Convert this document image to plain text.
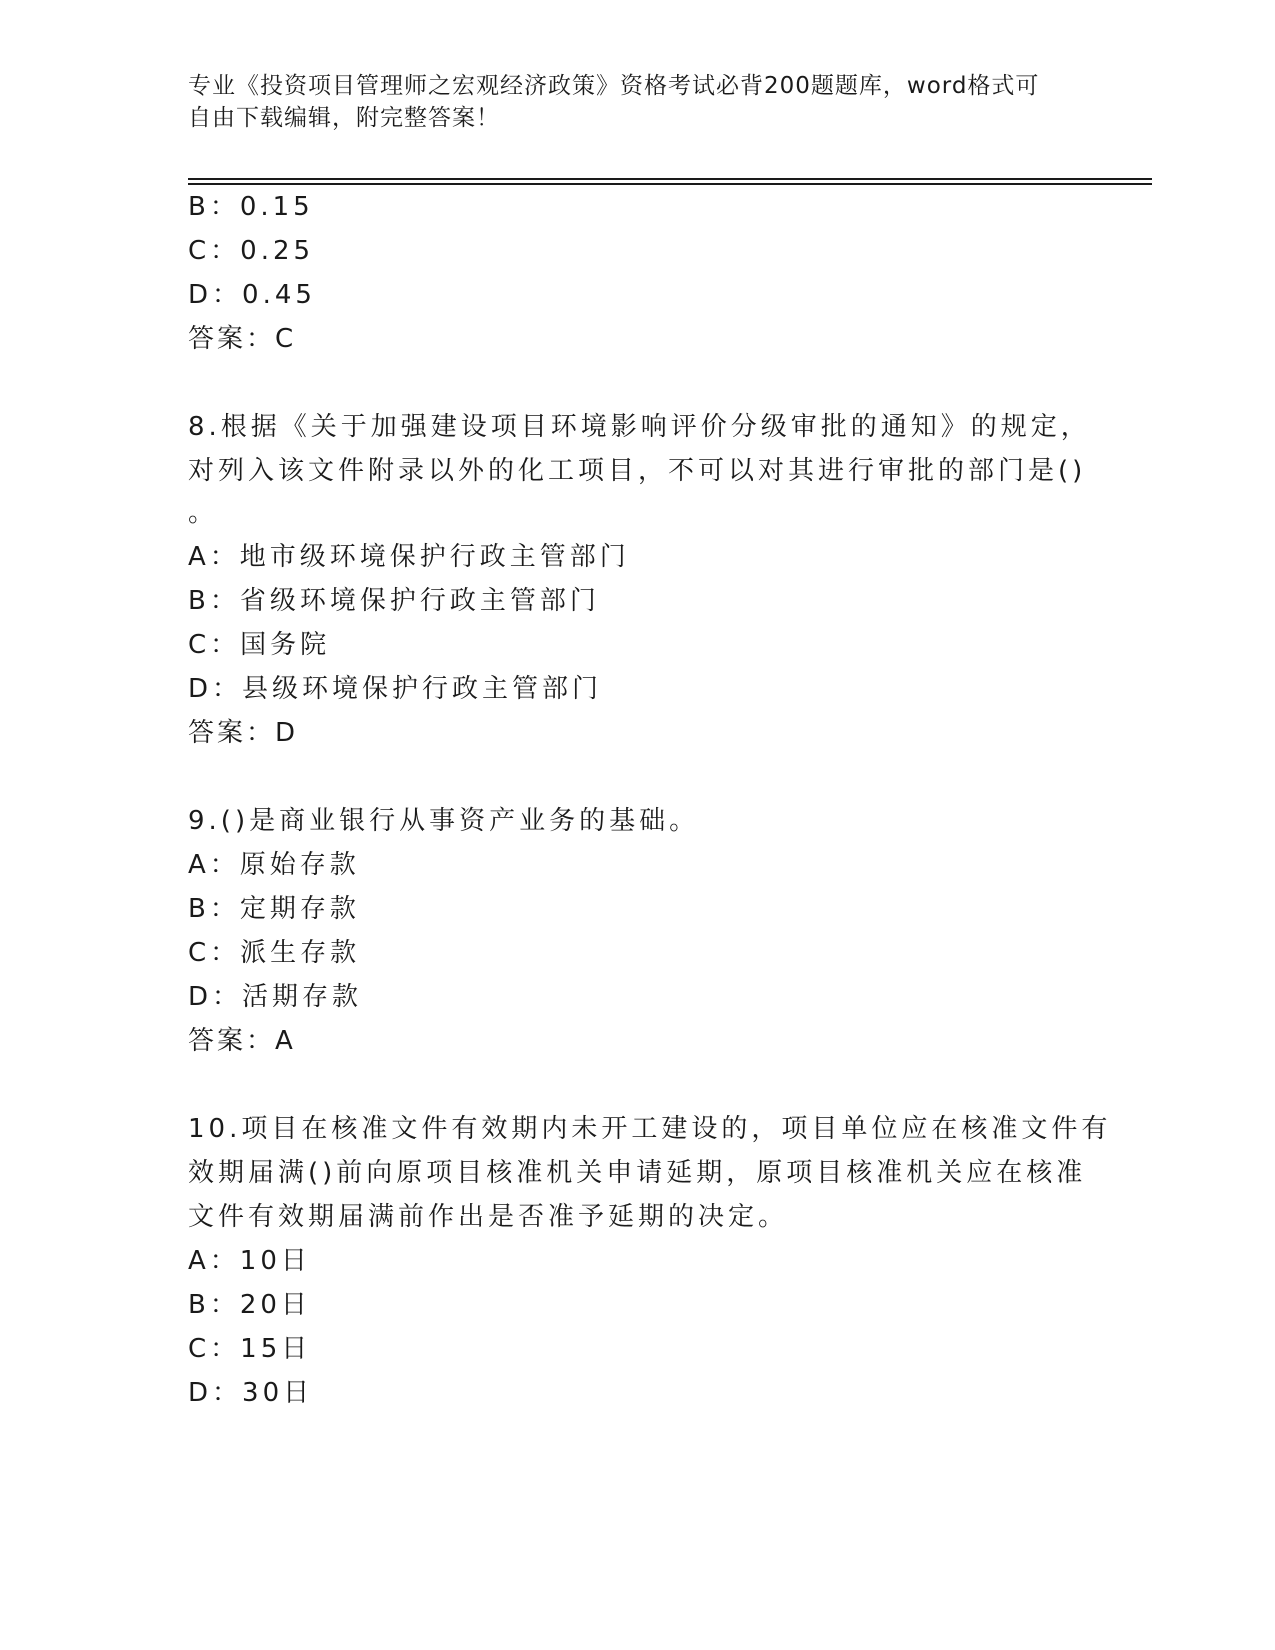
专业《投资项目管理师之宏观经济政策》资格考试必背200题题库，word格式可
自由下载编辑，附完整答案！
B：0.15
C：0.25
D：0.45
答案：C
8.根据《关于加强建设项目环境影响评价分级审批的通知》的规定，
对列入该文件附录以外的化工项目，不可以对其进行审批的部门是()
。
A：地市级环境保护行政主管部门
B：省级环境保护行政主管部门
C：国务院
D：县级环境保护行政主管部门
答案：D
9.()是商业银行从事资产业务的基础。
A：原始存款
B：定期存款
C：派生存款
D：活期存款
答案：A
10.项目在核准文件有效期内未开工建设的，项目单位应在核准文件有
效期届满()前向原项目核准机关申请延期，原项目核准机关应在核准
文件有效期届满前作出是否准予延期的决定。
A：10日
B：20日
C：15日
D：30日
